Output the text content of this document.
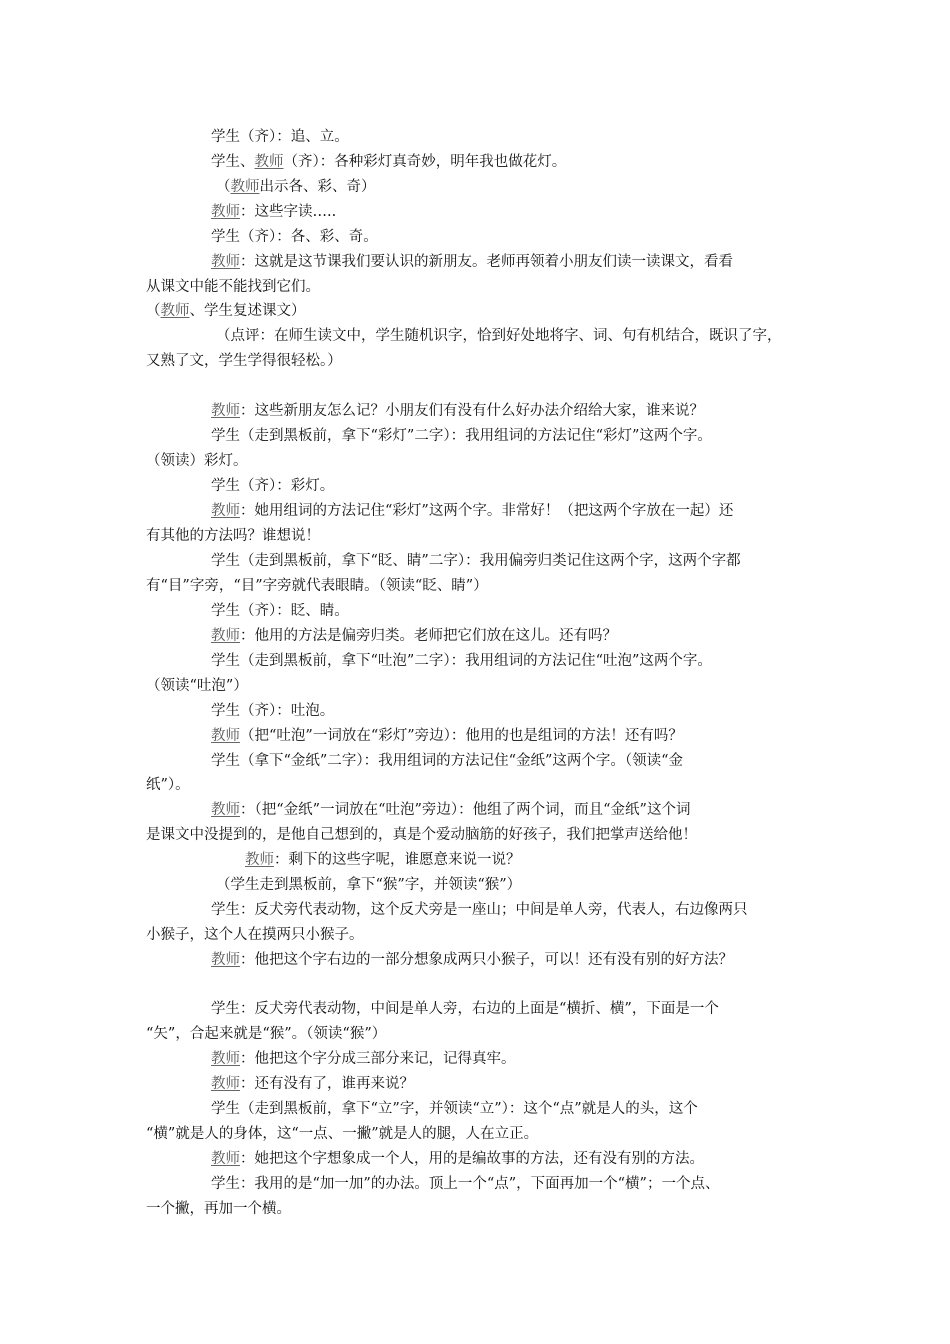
学生（齐）：追、立。
学生、教师（齐）：各种彩灯真奇妙，明年我也做花灯。
（教师出示各、彩、奇）
教师：这些字读…..
学生（齐）：各、彩、奇。
教师：这就是这节课我们要认识的新朋友。老师再领着小朋友们读一读课文，看看
从课文中能不能找到它们。
（教师、学生复述课文）
（点评：在师生读文中，学生随机识字，恰到好处地将字、词、句有机结合，既识了字，
又熟了文，学生学得很轻松。）
教师：这些新朋友怎么记？小朋友们有没有什么好办法介绍给大家，谁来说？
学生（走到黑板前，拿下“彩灯”二字）：我用组词的方法记住“彩灯”这两个字。
（领读）彩灯。
学生（齐）：彩灯。
教师：她用组词的方法记住“彩灯”这两个字。非常好！（把这两个字放在一起）还
有其他的方法吗？谁想说！
学生（走到黑板前，拿下“眨、睛”二字）：我用偏旁归类记住这两个字，这两个字都
有“目”字旁，“目”字旁就代表眼睛。（领读“眨、睛”）
学生（齐）：眨、睛。
教师：他用的方法是偏旁归类。老师把它们放在这儿。还有吗？
学生（走到黑板前，拿下“吐泡”二字）：我用组词的方法记住“吐泡”这两个字。
（领读“吐泡”）
学生（齐）：吐泡。
教师（把“吐泡”一词放在“彩灯”旁边）：他用的也是组词的方法！还有吗？
学生（拿下“金纸”二字）：我用组词的方法记住“金纸”这两个字。（领读“金
纸”）。
教师：（把“金纸”一词放在“吐泡”旁边）：他组了两个词，而且“金纸”这个词
是课文中没提到的，是他自己想到的，真是个爱动脑筋的好孩子，我们把掌声送给他！
教师：剩下的这些字呢，谁愿意来说一说？
（学生走到黑板前，拿下“猴”字，并领读“猴”）
学生：反犬旁代表动物，这个反犬旁是一座山；中间是单人旁，代表人，右边像两只
小猴子，这个人在摸两只小猴子。
教师：他把这个字右边的一部分想象成两只小猴子，可以！还有没有别的好方法？
学生：反犬旁代表动物，中间是单人旁，右边的上面是“横折、横”，下面是一个
“矢”，合起来就是“猴”。（领读“猴”）
教师：他把这个字分成三部分来记，记得真牢。
教师：还有没有了，谁再来说？
学生（走到黑板前，拿下“立”字，并领读“立”）：这个“点”就是人的头，这个
“横”就是人的身体，这“一点、一撇”就是人的腿，人在立正。
教师：她把这个字想象成一个人，用的是编故事的方法，还有没有别的方法。
学生：我用的是“加一加”的办法。顶上一个“点”，下面再加一个“横”；一个点、
一个撇，再加一个横。
